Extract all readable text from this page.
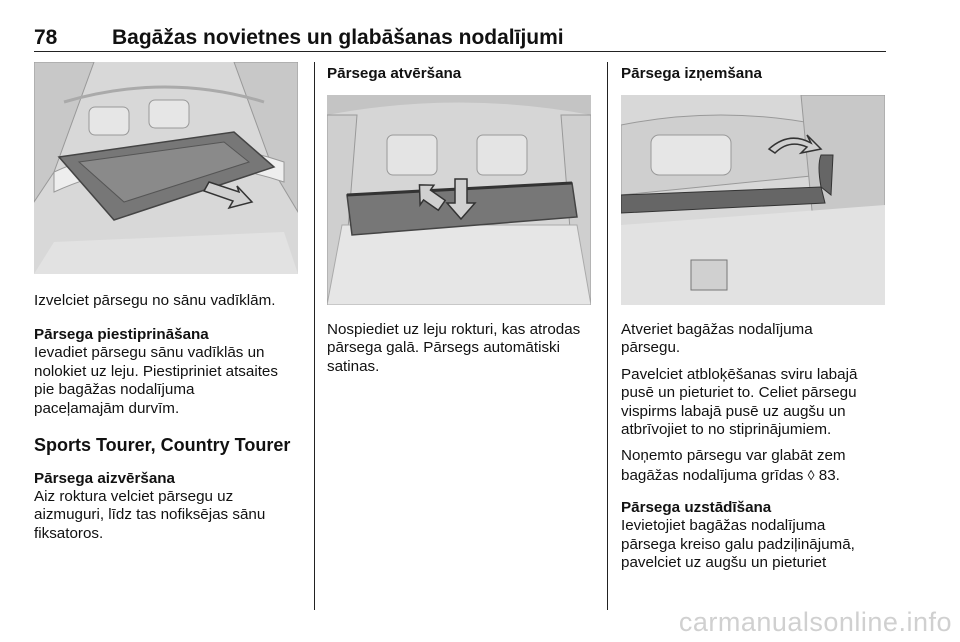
78	Bagāžas novietnes un glabāšanas nodalījumi
Izvelciet pārsegu no sānu vadīklām.
Pārsega piestiprināšana
Ievadiet pārsegu sānu vadīklās un
nolokiet uz leju. Piestipriniet atsaites
pie bagāžas nodalījuma
paceļamajām durvīm.
Sports Tourer, Country Tourer
Pārsega aizvēršana
Aiz roktura velciet pārsegu uz
aizmuguri, līdz tas nofiksējas sānu
fiksatoros.
Pārsega atvēršana
Nospiediet uz leju rokturi, kas atrodas
pārsega galā. Pārsegs automātiski
satinas.
Pārsega izņemšana
Atveriet bagāžas nodalījuma
pārsegu.
Pavelciet atbloķēšanas sviru labajā
pusē un pieturiet to. Celiet pārsegu
vispirms labajā pusē uz augšu un
atbrīvojiet to no stiprinājumiem.
Noņemto pārsegu var glabāt zem
bagāžas nodalījuma grīdas ◊ 83.
Pārsega uzstādīšana
Ievietojiet bagāžas nodalījuma
pārsega kreiso galu padziļinājumā,
pavelciet uz augšu un pieturiet
carmanualsonline.info
